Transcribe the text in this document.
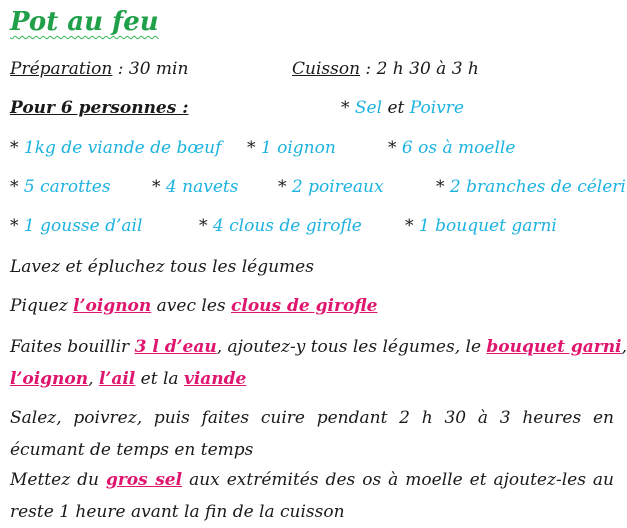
Pot au feu
Préparation : 30 min	Cuisson : 2 h 30 à 3 h
Pour 6 personnes :	* Sel et Poivre
* 1kg de viande de bœuf * 1 oignon	* 6 os à moelle
* 5 carottes * 4 navets * 2 poireaux	* 2 branches de céleri
* 1 gousse d’ail	* 4 clous de girofle	* 1 bouquet garni
Lavez et épluchez tous les légumes
Piquez l’oignon avec les clous de girofle
Faites bouillir 3 l d’eau, ajoutez-y tous les légumes, le bouquet garni,
l’oignon, l’ail et la viande
Salez, poivrez, puis faites cuire pendant 2 h 30 à 3 heures en écumant de temps en temps
Mettez du gros sel aux extrémités des os à moelle et ajoutez-les au reste 1 heure avant la fin de la cuisson
